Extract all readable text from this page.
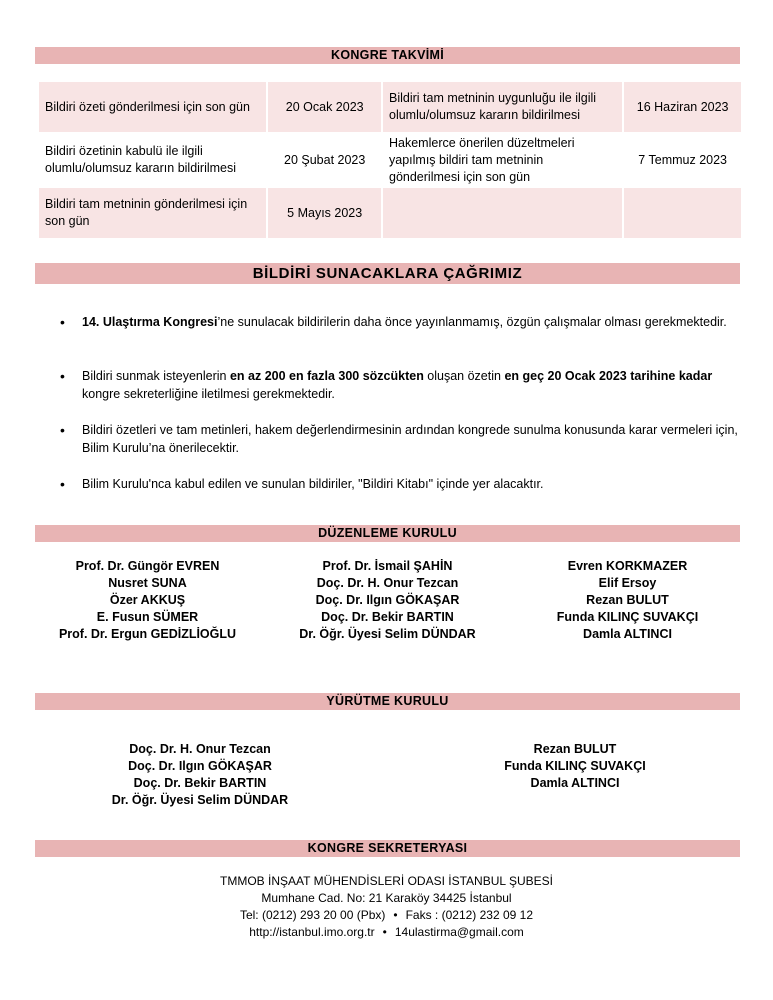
KONGRE TAKVİMİ
Bildiri özeti gönderilmesi için son gün	20 Ocak 2023	Bildiri tam metninin uygunluğu ile ilgili olumlu/olumsuz kararın bildirilmesi	16 Haziran 2023
Bildiri özetinin kabulü ile ilgili olumlu/olumsuz kararın bildirilmesi	20 Şubat 2023	Hakemlerce önerilen düzeltmeleri yapılmış bildiri tam metninin gönderilmesi için son gün	7 Temmuz 2023
Bildiri tam metninin gönderilmesi için son gün	5 Mayıs 2023		
BİLDİRİ SUNACAKLARA ÇAĞRIMIZ
• 14. Ulaştırma Kongresi’ne sunulacak bildirilerin daha önce yayınlanmamış, özgün çalışmalar olması gerekmektedir.
• Bildiri sunmak isteyenlerin en az 200 en fazla 300 sözcükten oluşan özetin en geç 20 Ocak 2023 tarihine kadar kongre sekreterliğine iletilmesi gerekmektedir.
• Bildiri özetleri ve tam metinleri, hakem değerlendirmesinin ardından kongrede sunulma konusunda karar vermeleri için, Bilim Kurulu’na önerilecektir.
• Bilim Kurulu'nca kabul edilen ve sunulan bildiriler, "Bildiri Kitabı" içinde yer alacaktır.
DÜZENLEME KURULU
Prof. Dr. Güngör EVREN
Nusret SUNA
Özer AKKUŞ
E. Fusun SÜMER
Prof. Dr. Ergun GEDİZLİOĞLU
Prof. Dr. İsmail ŞAHİN
Doç. Dr. H. Onur Tezcan
Doç. Dr. Ilgın GÖKAŞAR
Doç. Dr. Bekir BARTIN
Dr. Öğr. Üyesi Selim DÜNDAR
Evren KORKMAZER
Elif Ersoy
Rezan BULUT
Funda KILINÇ SUVAKÇI
Damla ALTINCI
YÜRÜTME KURULU
Doç. Dr. H. Onur Tezcan
Doç. Dr. Ilgın GÖKAŞAR
Doç. Dr. Bekir BARTIN
Dr. Öğr. Üyesi Selim DÜNDAR
Rezan BULUT
Funda KILINÇ SUVAKÇI
Damla ALTINCI
KONGRE SEKRETERYASI
TMMOB İNŞAAT MÜHENDİSLERİ ODASI İSTANBUL ŞUBESİ
Mumhane Cad. No: 21 Karaköy 34425 İstanbul
Tel: (0212) 293 20 00 (Pbx) • Faks : (0212) 232 09 12
http://istanbul.imo.org.tr • 14ulastirma@gmail.com
